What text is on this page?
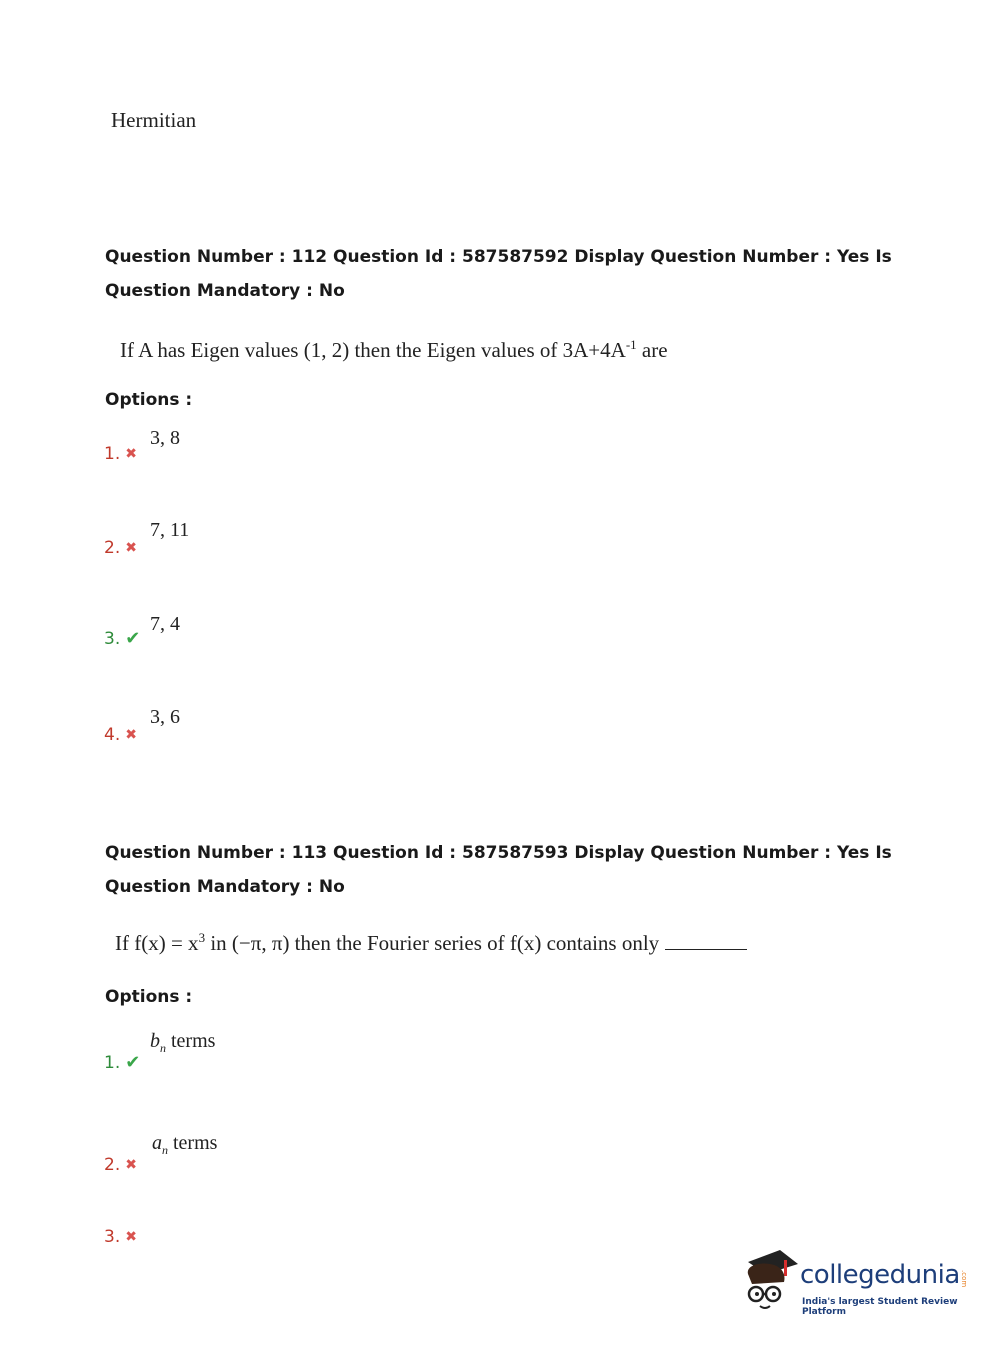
Hermitian
Question Number : 112 Question Id : 587587592 Display Question Number : Yes Is Question Mandatory : No
If A has Eigen values (1, 2) then the Eigen values of $3A+4A^{-1}$ are
Options :
1. ✖
3, 8
2. ✖
7, 11
3. ✔
7, 4
4. ✖
3, 6
Question Number : 113 Question Id : 587587593 Display Question Number : Yes Is Question Mandatory : No
If $f(x) = x^3$ in (−π, π) then the Fourier series of f(x) contains only
Options :
1. ✔
$b_n$ terms
2. ✖
$a_n$ terms
3. ✖
collegedunia .com
India's largest Student Review Platform
